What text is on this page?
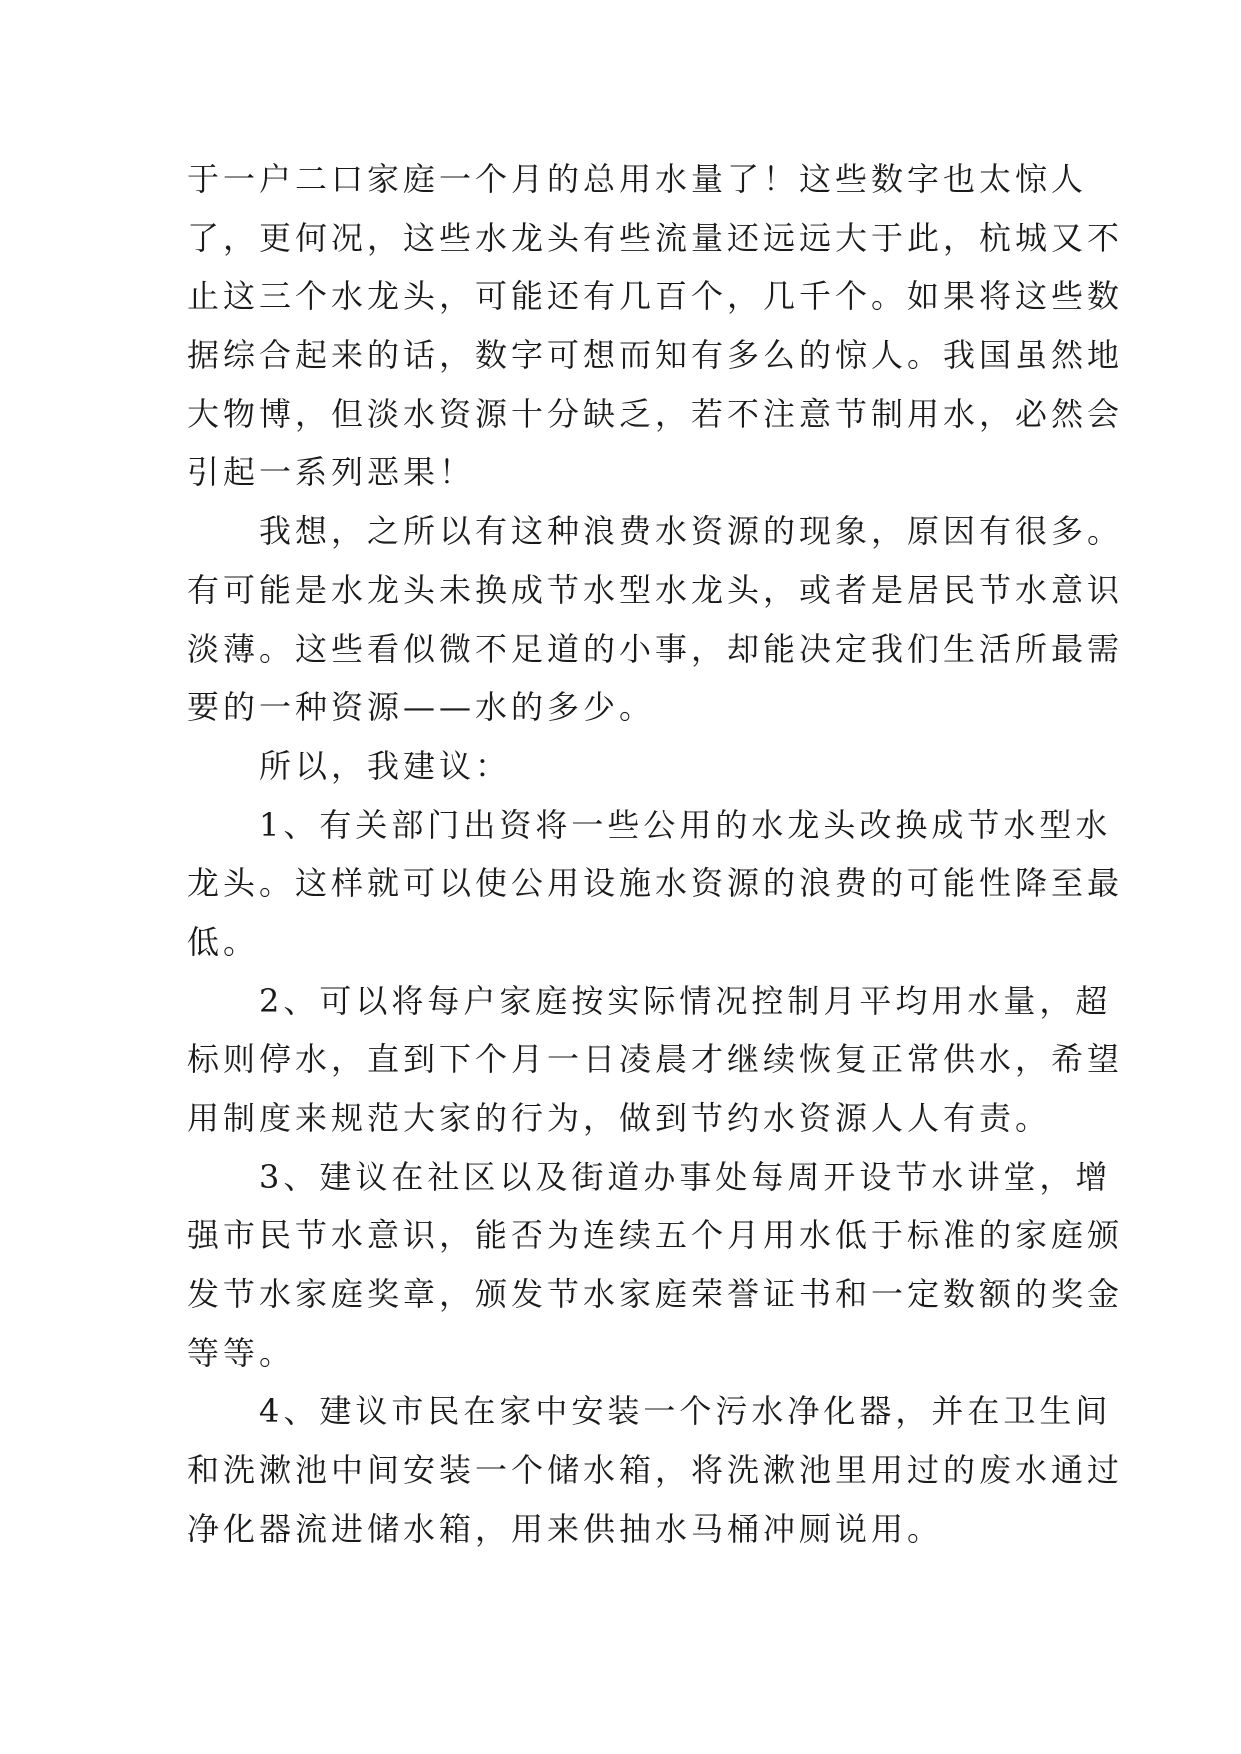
于一户二口家庭一个月的总用水量了！这些数字也太惊人
了，更何况，这些水龙头有些流量还远远大于此，杭城又不
止这三个水龙头，可能还有几百个，几千个。如果将这些数
据综合起来的话，数字可想而知有多么的惊人。我国虽然地
大物博，但淡水资源十分缺乏，若不注意节制用水，必然会
引起一系列恶果！
我想，之所以有这种浪费水资源的现象，原因有很多。
有可能是水龙头未换成节水型水龙头，或者是居民节水意识
淡薄。这些看似微不足道的小事，却能决定我们生活所最需
要的一种资源——水的多少。
所以，我建议：
1、有关部门出资将一些公用的水龙头改换成节水型水
龙头。这样就可以使公用设施水资源的浪费的可能性降至最
低。
2、可以将每户家庭按实际情况控制月平均用水量，超
标则停水，直到下个月一日凌晨才继续恢复正常供水，希望
用制度来规范大家的行为，做到节约水资源人人有责。
3、建议在社区以及街道办事处每周开设节水讲堂，增
强市民节水意识，能否为连续五个月用水低于标准的家庭颁
发节水家庭奖章，颁发节水家庭荣誉证书和一定数额的奖金
等等。
4、建议市民在家中安装一个污水净化器，并在卫生间
和洗漱池中间安装一个储水箱，将洗漱池里用过的废水通过
净化器流进储水箱，用来供抽水马桶冲厕说用。
